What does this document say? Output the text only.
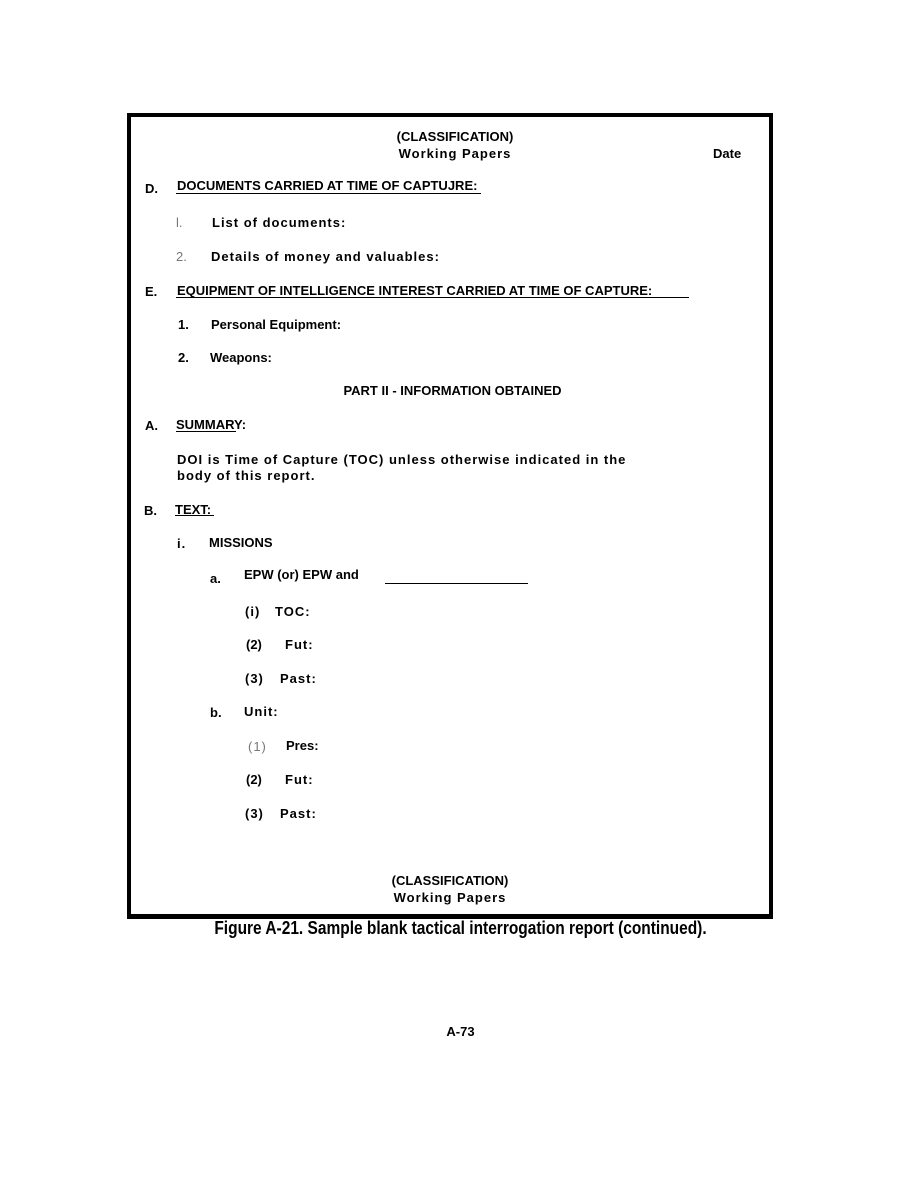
(CLASSIFICATION)
Working Papers	Date
D. DOCUMENTS CARRIED AT TIME OF CAPTUJRE:
l. List of documents:
2. Details of money and valuables:
E. EQUIPMENT OF INTELLIGENCE INTEREST CARRIED AT TIME OF CAPTURE:
1. Personal Equipment:
2. Weapons:
PART II - INFORMATION OBTAINED
A. SUMMARY:
DOI is Time of Capture (TOC) unless otherwise indicated in the
body of this report.
B. TEXT:
i. MISSIONS
a. EPW (or) EPW and
(i) TOC:
(2) Fut:
(3) Past:
b. Unit:
(1) Pres:
(2) Fut:
(3) Past:
(CLASSIFICATION)
Working Papers
Figure A-21. Sample blank tactical interrogation report (continued).
A-73
